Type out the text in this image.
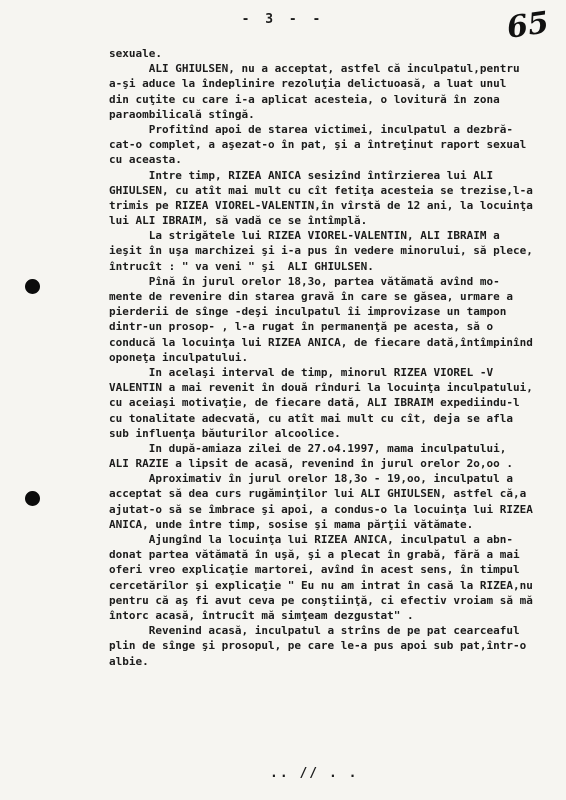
- 3 - -	65
sexuale.
ALI GHIULSEN, nu a acceptat, astfel că inculpatul,pentru
a-şi aduce la îndeplinire rezoluţia delictuoasă, a luat unul
din cuţite cu care i-a aplicat acesteia, o lovitură în zona
paraombilicală stîngă.
Profitînd apoi de starea victimei, inculpatul a dezbră-
cat-o complet, a aşezat-o în pat, şi a întreţinut raport sexual
cu aceasta.
Intre timp, RIZEA ANICA sesizînd întîrzierea lui ALI
GHIULSEN, cu atît mai mult cu cît fetiţa acesteia se trezise,l-a
trimis pe RIZEA VIOREL-VALENTIN,în vîrstă de 12 ani, la locuinţa
lui ALI IBRAIM, să vadă ce se întîmplă.
La strigătele lui RIZEA VIOREL-VALENTIN, ALI IBRAIM a
ieşit în uşa marchizei şi i-a pus în vedere minorului, să plece,
întrucît : " va veni " şi  ALI GHIULSEN.
Pînă în jurul orelor 18,3o, partea vătămată avînd mo-
mente de revenire din starea gravă în care se găsea, urmare a
pierderii de sînge -deşi inculpatul îi improvizase un tampon
dintr-un prosop- , l-a rugat în permanenţă pe acesta, să o
conducă la locuinţa lui RIZEA ANICA, de fiecare dată,întîmpinînd
oponeţa inculpatului.
In acelaşi interval de timp, minorul RIZEA VIOREL -V
VALENTIN a mai revenit în două rînduri la locuinţa inculpatului,
cu aceiaşi motivaţie, de fiecare dată, ALI IBRAIM expediindu-l
cu tonalitate adecvată, cu atît mai mult cu cît, deja se afla
sub influenţa băuturilor alcoolice.
In după-amiaza zilei de 27.o4.1997, mama inculpatului,
ALI RAZIE a lipsit de acasă, revenind în jurul orelor 2o,oo .
Aproximativ în jurul orelor 18,3o - 19,oo, inculpatul a
acceptat să dea curs rugăminţilor lui ALI GHIULSEN, astfel că,a
ajutat-o să se îmbrace şi apoi, a condus-o la locuinţa lui RIZEA
ANICA, unde între timp, sosise şi mama părţii vătămate.
Ajungînd la locuinţa lui RIZEA ANICA, inculpatul a abn-
donat partea vătămată în uşă, şi a plecat în grabă, fără a mai
oferi vreo explicaţie martorei, avînd în acest sens, în timpul
cercetărilor şi explicaţie " Eu nu am intrat în casă la RIZEA,nu
pentru că aş fi avut ceva pe conştiinţă, ci efectiv vroiam să mă
întorc acasă, întrucît mă simţeam dezgustat" .
Revenind acasă, inculpatul a strîns de pe pat cearceaful
plin de sînge şi prosopul, pe care le-a pus apoi sub pat,într-o
albie.
.. // . .
